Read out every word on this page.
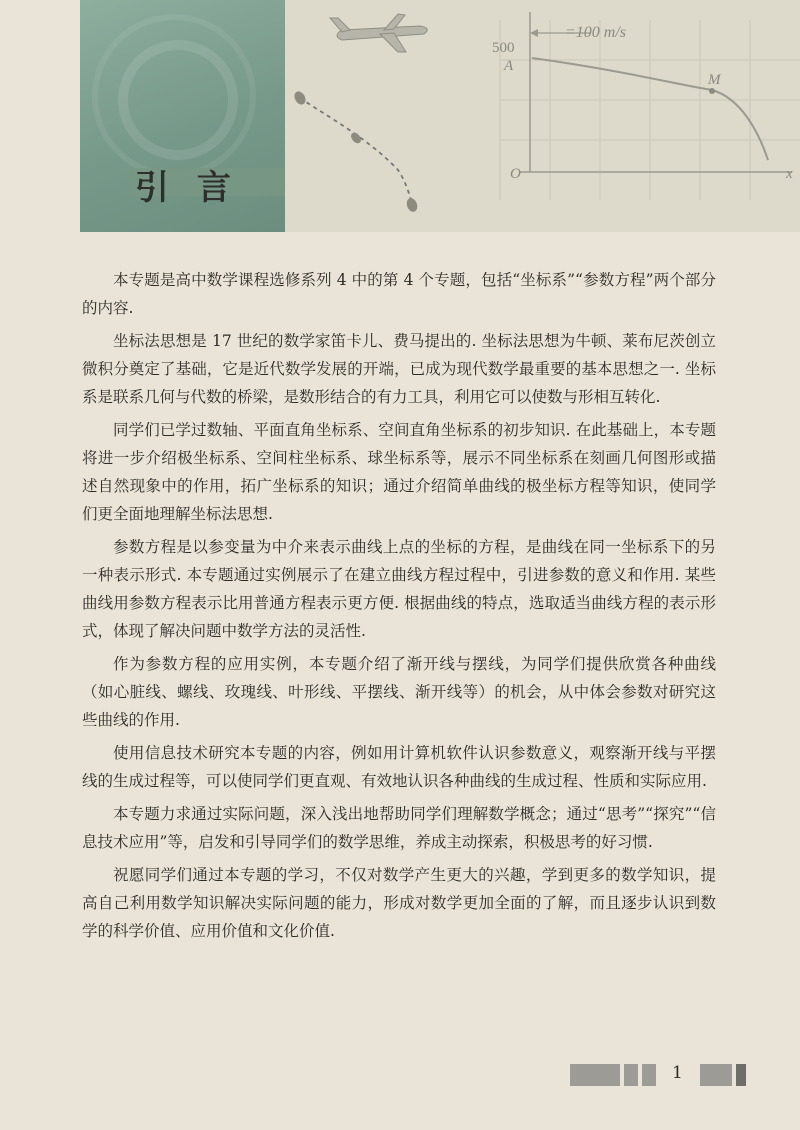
引 言
=100 m/s
500
A
M
O	x

本专题是高中数学课程选修系列 4 中的第 4 个专题，包括“坐标系”“参数方程”两个部分的内容.

坐标法思想是 17 世纪的数学家笛卡儿、费马提出的. 坐标法思想为牛顿、莱布尼茨创立微积分奠定了基础，它是近代数学发展的开端，已成为现代数学最重要的基本思想之一. 坐标系是联系几何与代数的桥梁，是数形结合的有力工具，利用它可以使数与形相互转化.

同学们已学过数轴、平面直角坐标系、空间直角坐标系的初步知识. 在此基础上，本专题将进一步介绍极坐标系、空间柱坐标系、球坐标系等，展示不同坐标系在刻画几何图形或描述自然现象中的作用，拓广坐标系的知识；通过介绍简单曲线的极坐标方程等知识，使同学们更全面地理解坐标法思想.

参数方程是以参变量为中介来表示曲线上点的坐标的方程，是曲线在同一坐标系下的另一种表示形式. 本专题通过实例展示了在建立曲线方程过程中，引进参数的意义和作用. 某些曲线用参数方程表示比用普通方程表示更方便. 根据曲线的特点，选取适当曲线方程的表示形式，体现了解决问题中数学方法的灵活性.

作为参数方程的应用实例，本专题介绍了渐开线与摆线，为同学们提供欣赏各种曲线（如心脏线、螺线、玫瑰线、叶形线、平摆线、渐开线等）的机会，从中体会参数对研究这些曲线的作用.

使用信息技术研究本专题的内容，例如用计算机软件认识参数意义，观察渐开线与平摆线的生成过程等，可以使同学们更直观、有效地认识各种曲线的生成过程、性质和实际应用.

本专题力求通过实际问题，深入浅出地帮助同学们理解数学概念；通过“思考”“探究”“信息技术应用”等，启发和引导同学们的数学思维，养成主动探索，积极思考的好习惯.

祝愿同学们通过本专题的学习，不仅对数学产生更大的兴趣，学到更多的数学知识，提高自己利用数学知识解决实际问题的能力，形成对数学更加全面的了解，而且逐步认识到数学的科学价值、应用价值和文化价值.

1
